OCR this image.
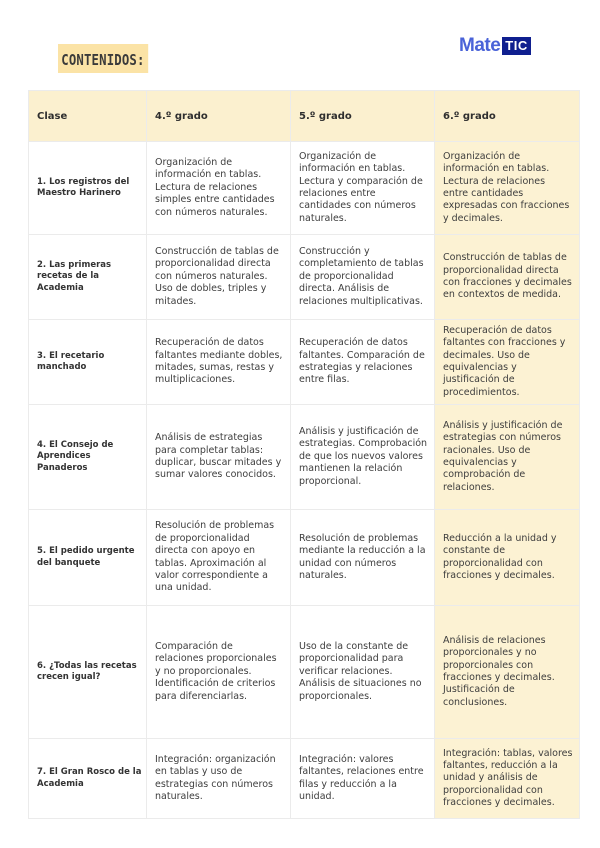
CONTENIDOS:
Mate TIC
Clase	4.º grado	5.º grado	6.º grado
1. Los registros del Maestro Harinero	Organización de información en tablas. Lectura de relaciones simples entre cantidades con números naturales.	Organización de información en tablas. Lectura y comparación de relaciones entre cantidades con números naturales.	Organización de información en tablas. Lectura de relaciones entre cantidades expresadas con fracciones y decimales.
2. Las primeras recetas de la Academia	Construcción de tablas de proporcionalidad directa con números naturales. Uso de dobles, triples y mitades.	Construcción y completamiento de tablas de proporcionalidad directa. Análisis de relaciones multiplicativas.	Construcción de tablas de proporcionalidad directa con fracciones y decimales en contextos de medida.
3. El recetario manchado	Recuperación de datos faltantes mediante dobles, mitades, sumas, restas y multiplicaciones.	Recuperación de datos faltantes. Comparación de estrategias y relaciones entre filas.	Recuperación de datos faltantes con fracciones y decimales. Uso de equivalencias y justificación de procedimientos.
4. El Consejo de Aprendices Panaderos	Análisis de estrategias para completar tablas: duplicar, buscar mitades y sumar valores conocidos.	Análisis y justificación de estrategias. Comprobación de que los nuevos valores mantienen la relación proporcional.	Análisis y justificación de estrategias con números racionales. Uso de equivalencias y comprobación de relaciones.
5. El pedido urgente del banquete	Resolución de problemas de proporcionalidad directa con apoyo en tablas. Aproximación al valor correspondiente a una unidad.	Resolución de problemas mediante la reducción a la unidad con números naturales.	Reducción a la unidad y constante de proporcionalidad con fracciones y decimales.
6. ¿Todas las recetas crecen igual?	Comparación de relaciones proporcionales y no proporcionales. Identificación de criterios para diferenciarlas.	Uso de la constante de proporcionalidad para verificar relaciones. Análisis de situaciones no proporcionales.	Análisis de relaciones proporcionales y no proporcionales con fracciones y decimales. Justificación de conclusiones.
7. El Gran Rosco de la Academia	Integración: organización en tablas y uso de estrategias con números naturales.	Integración: valores faltantes, relaciones entre filas y reducción a la unidad.	Integración: tablas, valores faltantes, reducción a la unidad y análisis de proporcionalidad con fracciones y decimales.
